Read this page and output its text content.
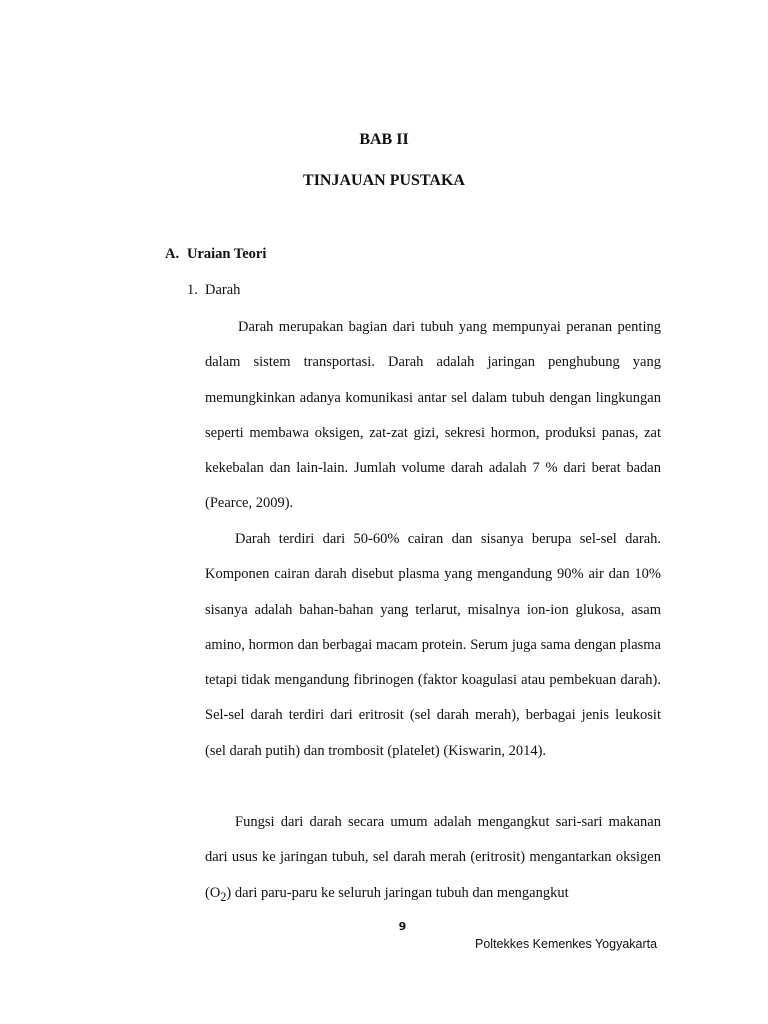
BAB II
TINJAUAN PUSTAKA
A. Uraian Teori
1. Darah

Darah merupakan bagian dari tubuh yang mempunyai peranan penting dalam sistem transportasi. Darah adalah jaringan penghubung yang memungkinkan adanya komunikasi antar sel dalam tubuh dengan lingkungan seperti membawa oksigen, zat-zat gizi, sekresi hormon, produksi panas, zat kekebalan dan lain-lain. Jumlah volume darah adalah 7 % dari berat badan (Pearce, 2009).

Darah terdiri dari 50-60% cairan dan sisanya berupa sel-sel darah. Komponen cairan darah disebut plasma yang mengandung 90% air dan 10% sisanya adalah bahan-bahan yang terlarut, misalnya ion-ion glukosa, asam amino, hormon dan berbagai macam protein. Serum juga sama dengan plasma tetapi tidak mengandung fibrinogen (faktor koagulasi atau pembekuan darah). Sel-sel darah terdiri dari eritrosit (sel darah merah), berbagai jenis leukosit (sel darah putih) dan trombosit (platelet) (Kiswarin, 2014).

Fungsi dari darah secara umum adalah mengangkut sari-sari makanan dari usus ke jaringan tubuh, sel darah merah (eritrosit) mengantarkan oksigen $(O_2)$ dari paru-paru ke seluruh jaringan tubuh dan mengangkut

9
Poltekkes Kemenkes Yogyakarta
